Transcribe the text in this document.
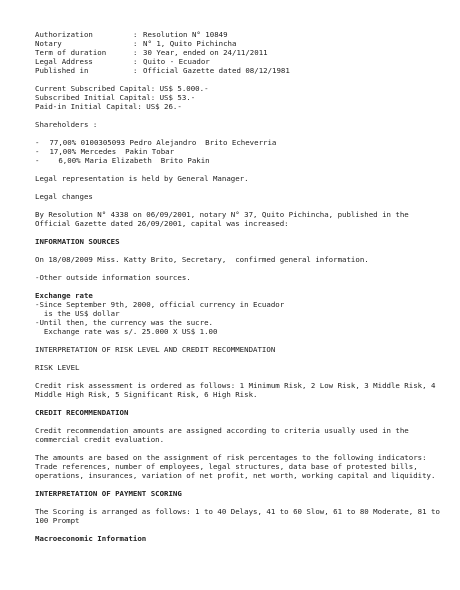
Authorization	: Resolution N° 10849
Notary	: N° 1, Quito Pichincha
Term of duration	: 30 Year, ended on 24/11/2011
Legal Address	: Quito - Ecuador
Published in	: Official Gazette dated 08/12/1981
Current Subscribed Capital: US$ 5.000.-
Subscribed Initial Capital: US$ 53.-
Paid-in Initial Capital: US$ 26.-
Shareholders :
- 77,00% 0100305093 Pedro Alejandro  Brito Echeverria
- 17,00% Mercedes  Pakin Tobar
- 6,00% Maria Elizabeth  Brito Pakin
Legal representation is held by General Manager.
Legal changes
By Resolution N° 4338 on 06/09/2001, notary N° 37, Quito Pichincha, published in the Official Gazette dated 26/09/2001, capital was increased:
INFORMATION SOURCES
On 18/08/2009 Miss. Katty Brito, Secretary,  confirmed general information.
-Other outside information sources.
Exchange rate
-Since September 9th, 2000, official currency in Ecuador
is the US$ dollar
-Until then, the currency was the sucre.
Exchange rate was s/. 25.000 X US$ 1.00
INTERPRETATION OF RISK LEVEL AND CREDIT RECOMMENDATION
RISK LEVEL
Credit risk assessment is ordered as follows: 1 Minimum Risk, 2 Low Risk, 3 Middle Risk, 4 Middle High Risk, 5 Significant Risk, 6 High Risk.
CREDIT RECOMMENDATION
Credit recommendation amounts are assigned according to criteria usually used in the commercial credit evaluation.
The amounts are based on the assignment of risk percentages to the following indicators: Trade references, number of employees, legal structures, data base of protested bills, operations, insurances, variation of net profit, net worth, working capital and liquidity.
INTERPRETATION OF PAYMENT SCORING
The Scoring is arranged as follows: 1 to 40 Delays, 41 to 60 Slow, 61 to 80 Moderate, 81 to 100 Prompt
Macroeconomic Information
